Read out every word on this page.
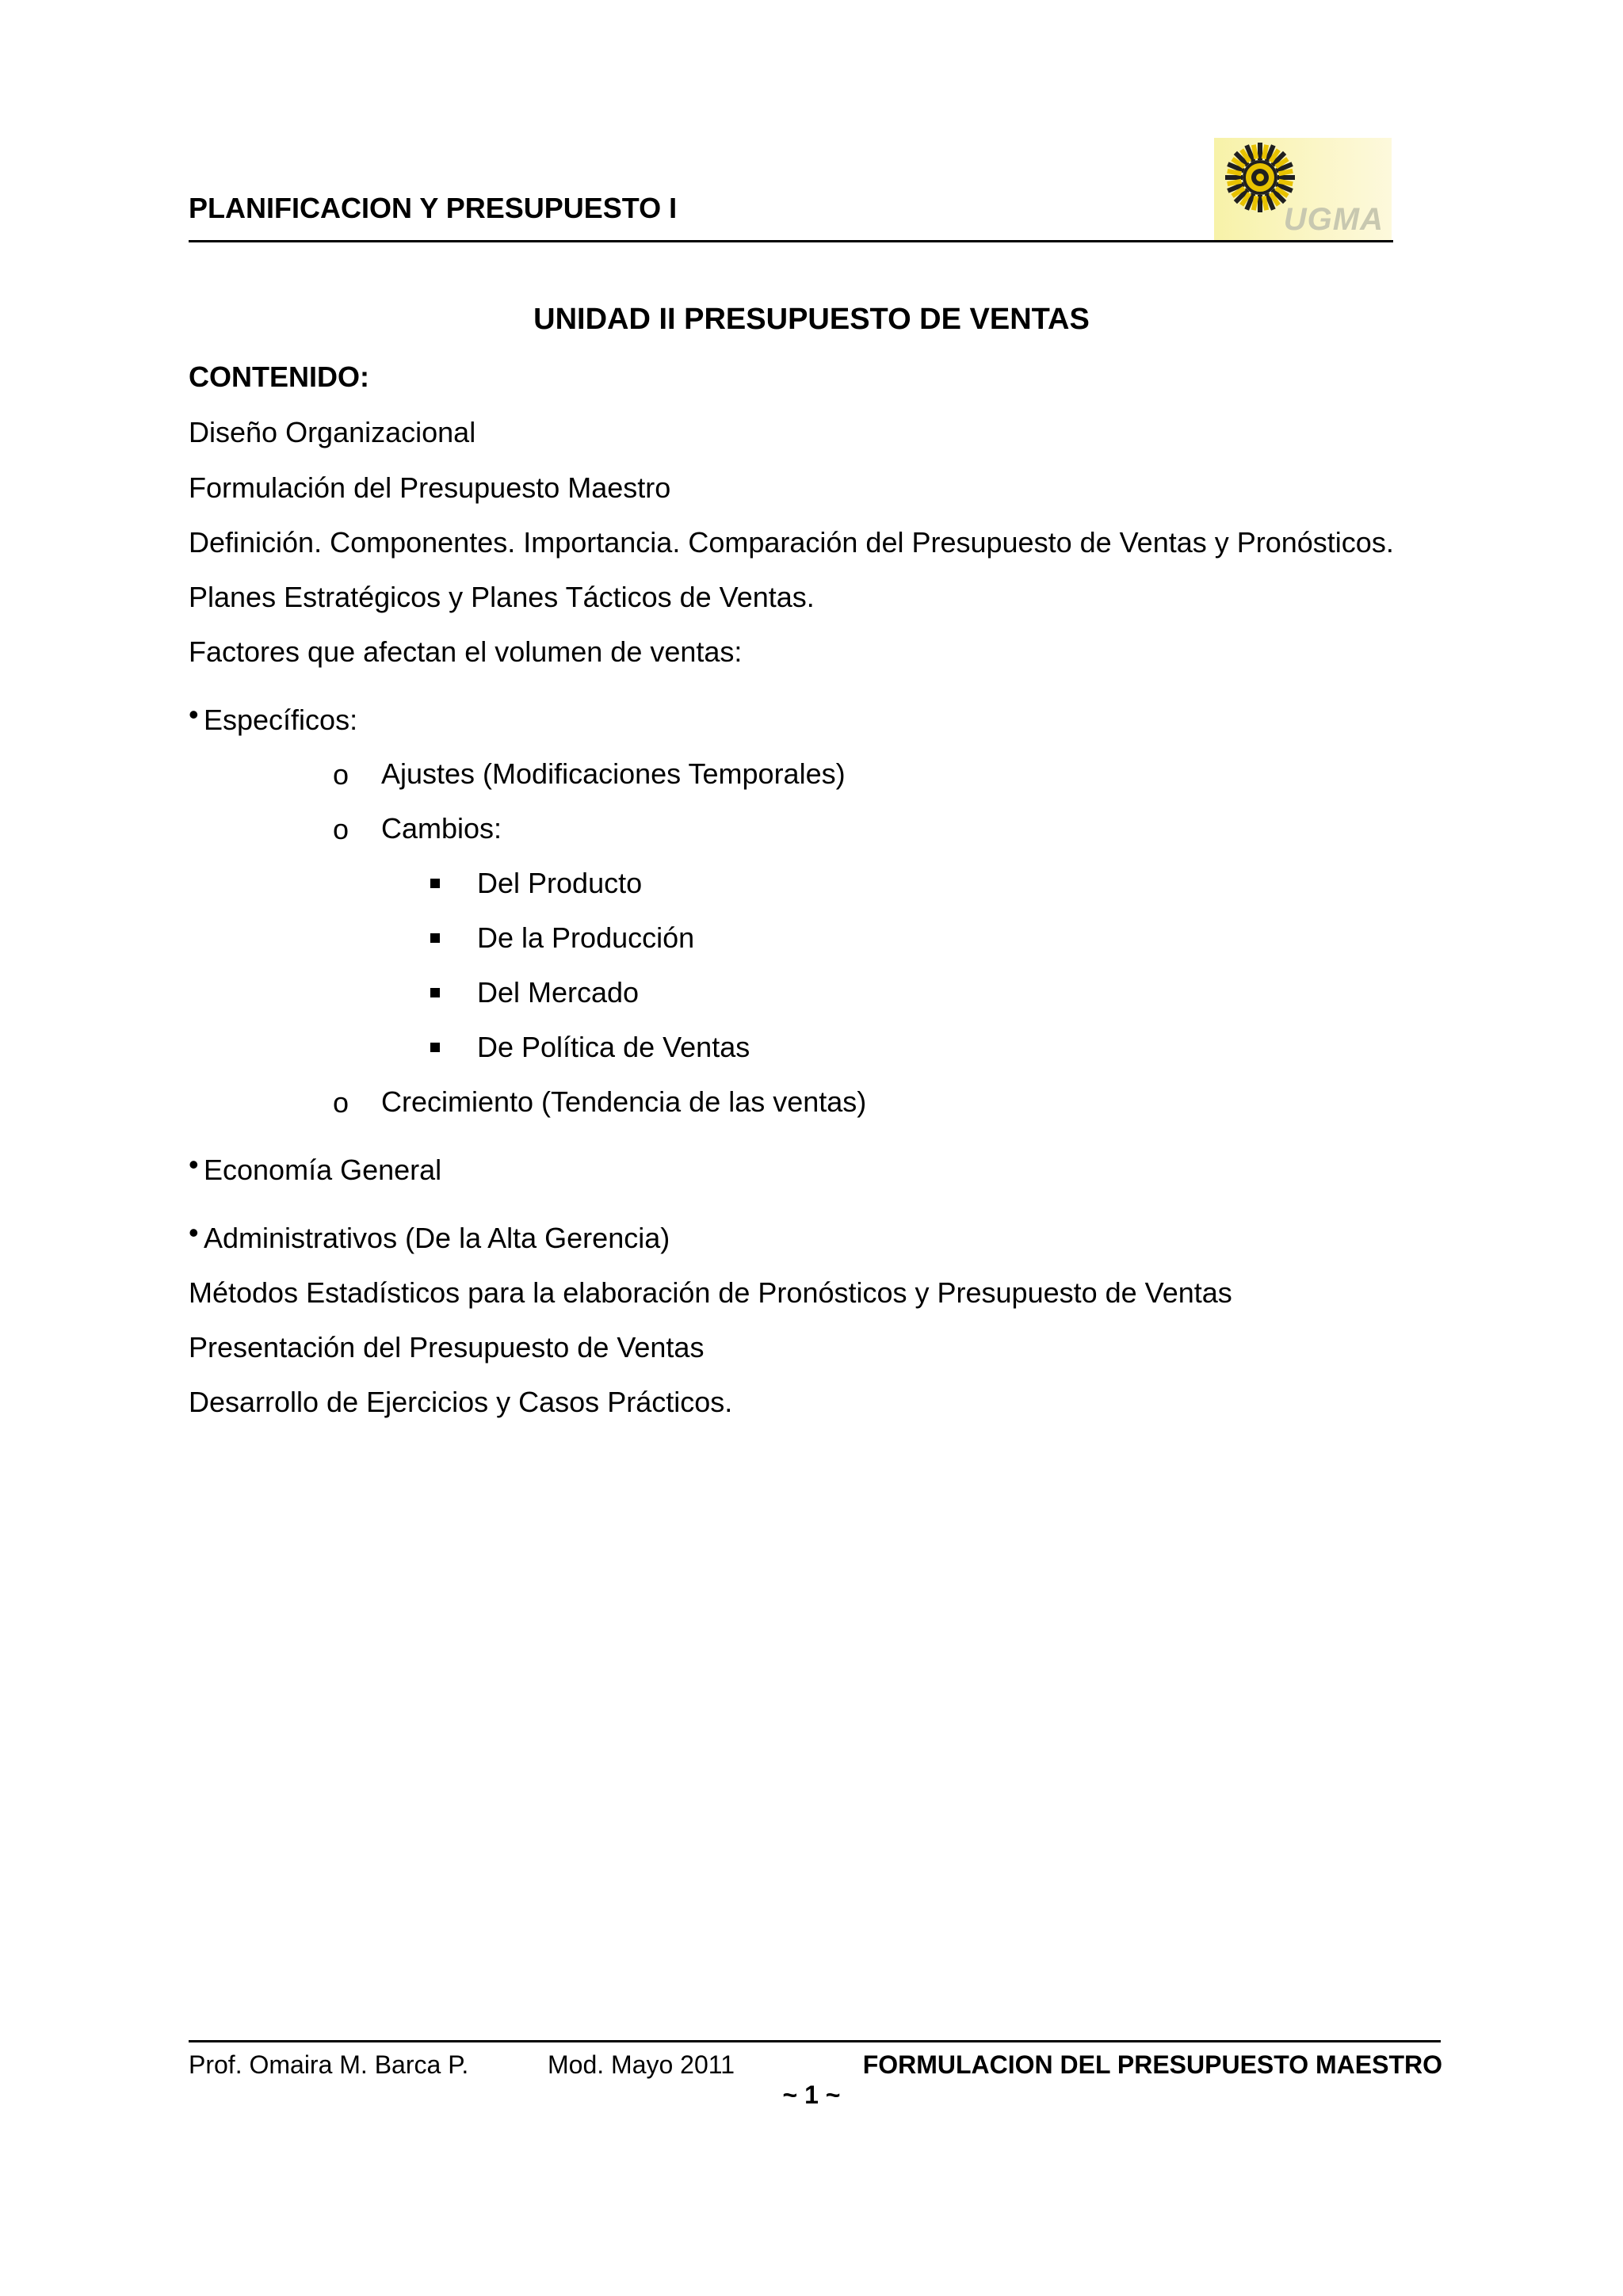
PLANIFICACION Y PRESUPUESTO I	UGMA
UNIDAD II PRESUPUESTO DE VENTAS
CONTENIDO:
Diseño Organizacional
Formulación del Presupuesto Maestro
Definición. Componentes. Importancia. Comparación del Presupuesto de Ventas y Pronósticos.
Planes Estratégicos y Planes Tácticos de Ventas.
Factores que afectan el volumen de ventas:
• Específicos:
o Ajustes (Modificaciones Temporales)
o Cambios:
Del Producto
De la Producción
Del Mercado
De Política de Ventas
o Crecimiento (Tendencia de las ventas)
• Economía General
• Administrativos (De la Alta Gerencia)
Métodos Estadísticos para la elaboración de Pronósticos y Presupuesto de Ventas
Presentación del Presupuesto de Ventas
Desarrollo de Ejercicios y Casos Prácticos.
Prof. Omaira M. Barca P.	Mod. Mayo 2011	FORMULACION DEL PRESUPUESTO MAESTRO
~ 1 ~
